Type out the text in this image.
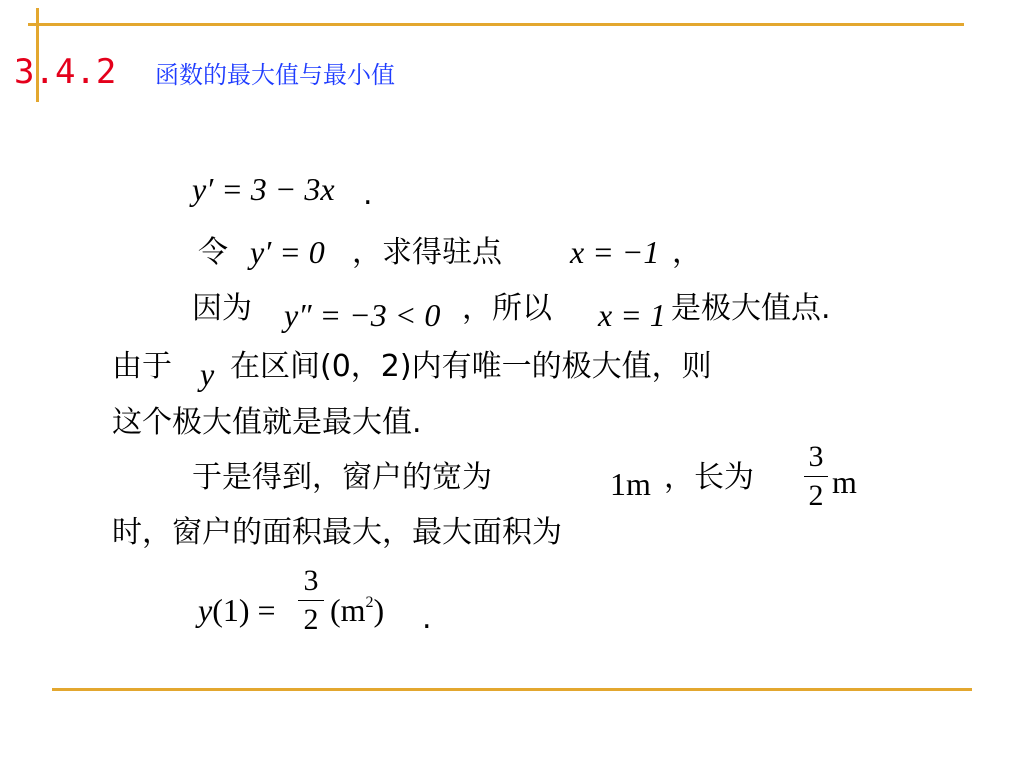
3.4.2 函数的最大值与最小值
y′ = 3 − 3x .
令 y′ = 0 ，求得驻点 x = −1 ，
因为 y″ = −3 < 0 ，所以 x = 1 是极大值点.
由于 y 在区间(0，2)内有唯一的极大值，则
这个极大值就是最大值.
于是得到，窗户的宽为	1m ，长为
3
2 m
时，窗户的面积最大，最大面积为
y(1) =
3
2 $(m^2)$ .
